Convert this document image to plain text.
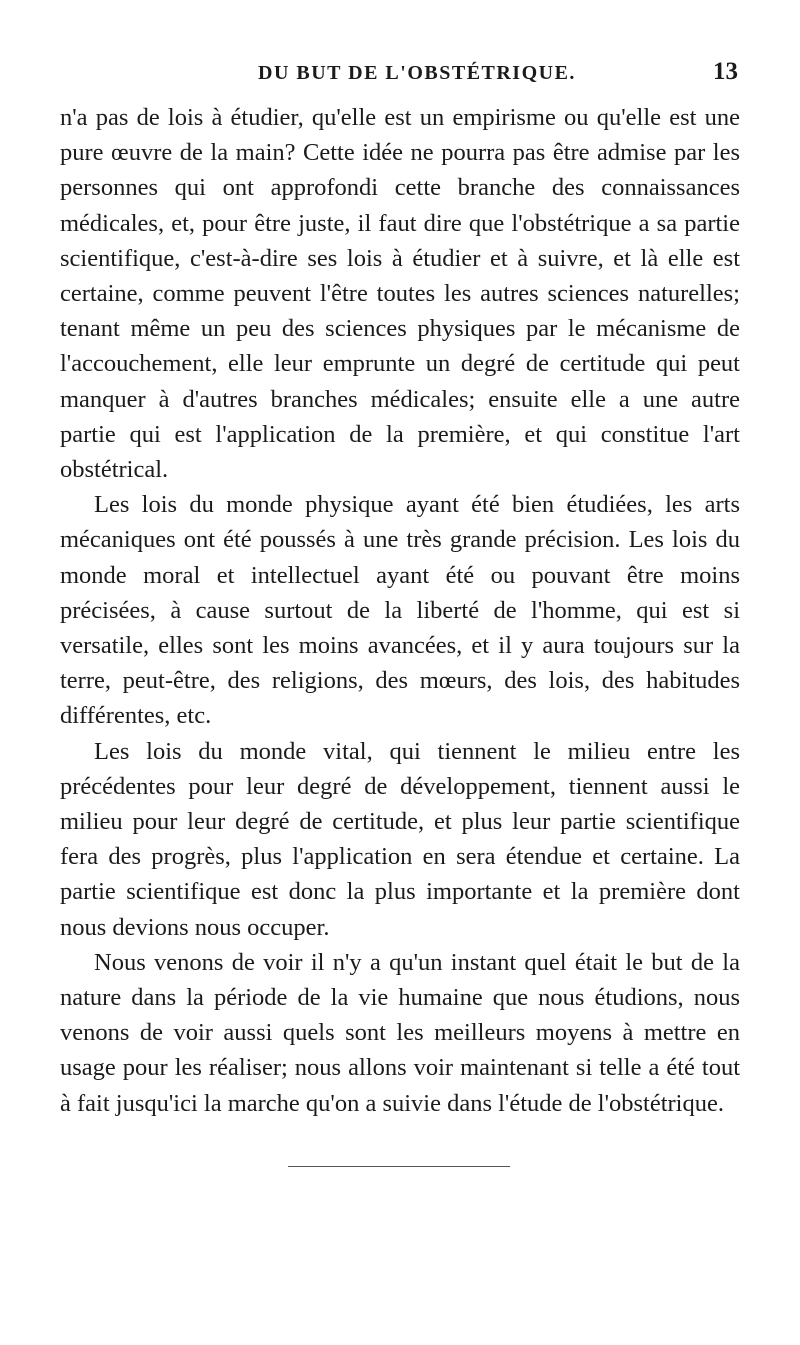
DU BUT DE L'OBSTÉTRIQUE.	13

n'a pas de lois à étudier, qu'elle est un empirisme ou qu'elle est une pure œuvre de la main? Cette idée ne pourra pas être admise par les personnes qui ont approfondi cette branche des connaissances médicales, et, pour être juste, il faut dire que l'obstétrique a sa partie scientifique, c'est-à-dire ses lois à étudier et à suivre, et là elle est certaine, comme peuvent l'être toutes les autres sciences naturelles; tenant même un peu des sciences physiques par le mécanisme de l'accouchement, elle leur emprunte un degré de certitude qui peut manquer à d'autres branches médicales; ensuite elle a une autre partie qui est l'application de la première, et qui constitue l'art obstétrical.

Les lois du monde physique ayant été bien étudiées, les arts mécaniques ont été poussés à une très grande précision. Les lois du monde moral et intellectuel ayant été ou pouvant être moins précisées, à cause surtout de la liberté de l'homme, qui est si versatile, elles sont les moins avancées, et il y aura toujours sur la terre, peut-être, des religions, des mœurs, des lois, des habitudes différentes, etc.

Les lois du monde vital, qui tiennent le milieu entre les précédentes pour leur degré de développement, tiennent aussi le milieu pour leur degré de certitude, et plus leur partie scientifique fera des progrès, plus l'application en sera étendue et certaine. La partie scientifique est donc la plus importante et la première dont nous devions nous occuper.

Nous venons de voir il n'y a qu'un instant quel était le but de la nature dans la période de la vie humaine que nous étudions, nous venons de voir aussi quels sont les meilleurs moyens à mettre en usage pour les réaliser; nous allons voir maintenant si telle a été tout à fait jusqu'ici la marche qu'on a suivie dans l'étude de l'obstétrique.
